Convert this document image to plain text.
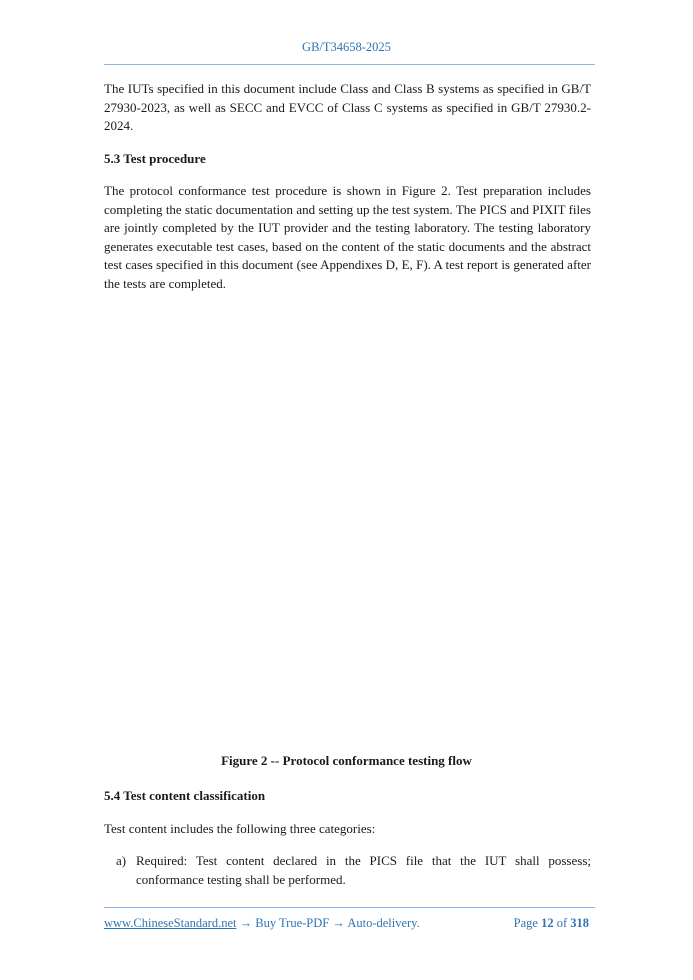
GB/T34658-2025
Figure 2 -- Protocol conformance testing flow

The IUTs specified in this document include Class and Class B systems as specified in GB/T 27930-2023, as well as SECC and EVCC of Class C systems as specified in GB/T 27930.2-2024.

5.3 Test procedure

The protocol conformance test procedure is shown in Figure 2. Test preparation includes completing the static documentation and setting up the test system. The PICS and PIXIT files are jointly completed by the IUT provider and the testing laboratory. The testing laboratory generates executable test cases, based on the content of the static documents and the abstract test cases specified in this document (see Appendixes D, E, F). A test report is generated after the tests are completed.

5.4 Test content classification

Test content includes the following three categories:

a) Required: Test content declared in the PICS file that the IUT shall possess; conformance testing shall be performed.

www.ChineseStandard.net → Buy True-PDF → Auto-delivery.	Page 12 of 318
